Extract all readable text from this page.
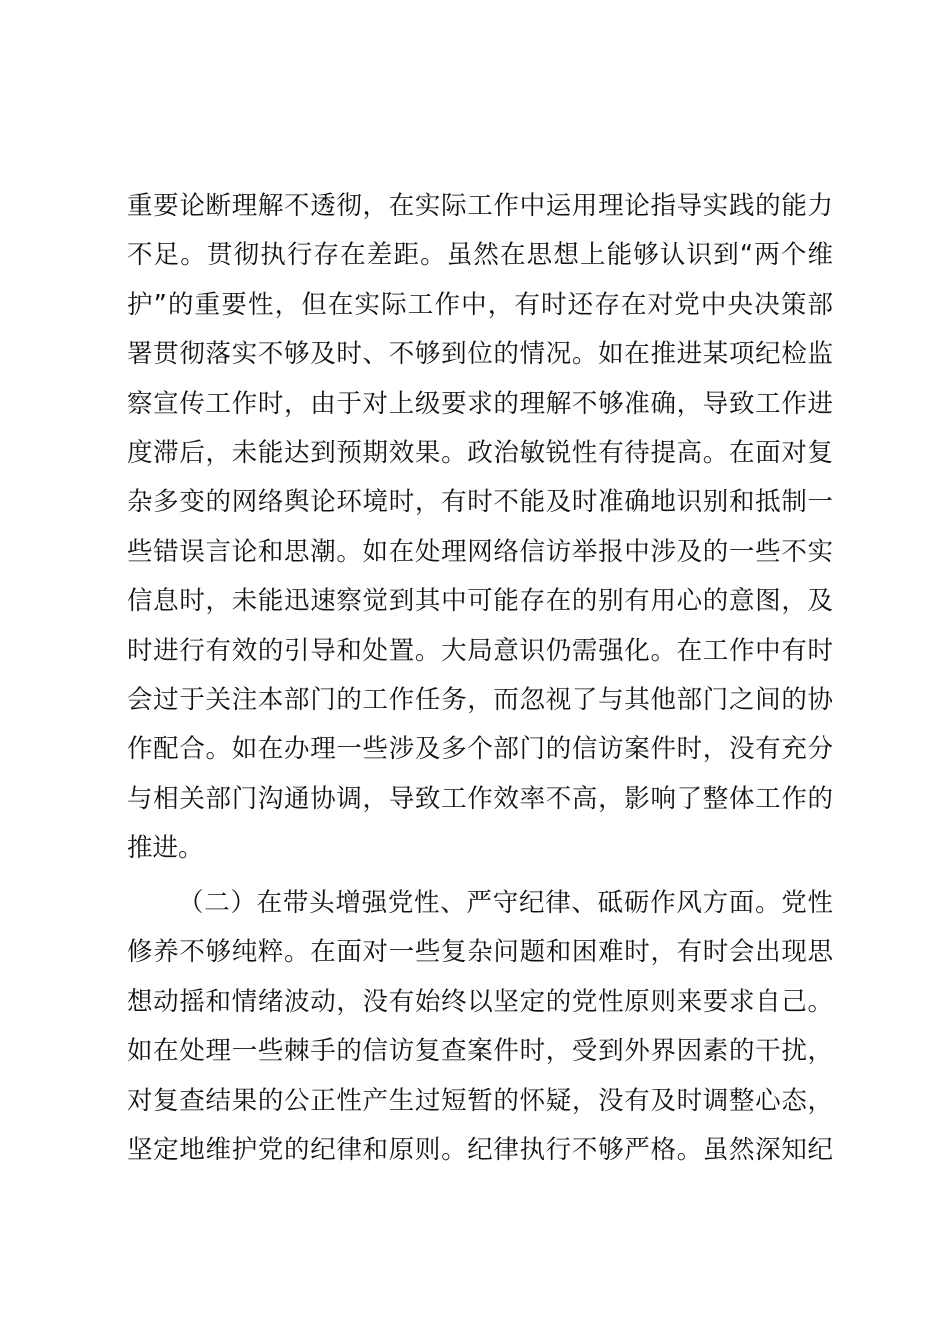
重要论断理解不透彻，在实际工作中运用理论指导实践的能力
不足。贯彻执行存在差距。虽然在思想上能够认识到“两个维
护”的重要性，但在实际工作中，有时还存在对党中央决策部
署贯彻落实不够及时、不够到位的情况。如在推进某项纪检监
察宣传工作时，由于对上级要求的理解不够准确，导致工作进
度滞后，未能达到预期效果。政治敏锐性有待提高。在面对复
杂多变的网络舆论环境时，有时不能及时准确地识别和抵制一
些错误言论和思潮。如在处理网络信访举报中涉及的一些不实
信息时，未能迅速察觉到其中可能存在的别有用心的意图，及
时进行有效的引导和处置。大局意识仍需强化。在工作中有时
会过于关注本部门的工作任务，而忽视了与其他部门之间的协
作配合。如在办理一些涉及多个部门的信访案件时，没有充分
与相关部门沟通协调，导致工作效率不高，影响了整体工作的
推进。
（二）在带头增强党性、严守纪律、砥砺作风方面。党性
修养不够纯粹。在面对一些复杂问题和困难时，有时会出现思
想动摇和情绪波动，没有始终以坚定的党性原则来要求自己。
如在处理一些棘手的信访复查案件时，受到外界因素的干扰，
对复查结果的公正性产生过短暂的怀疑，没有及时调整心态，
坚定地维护党的纪律和原则。纪律执行不够严格。虽然深知纪
